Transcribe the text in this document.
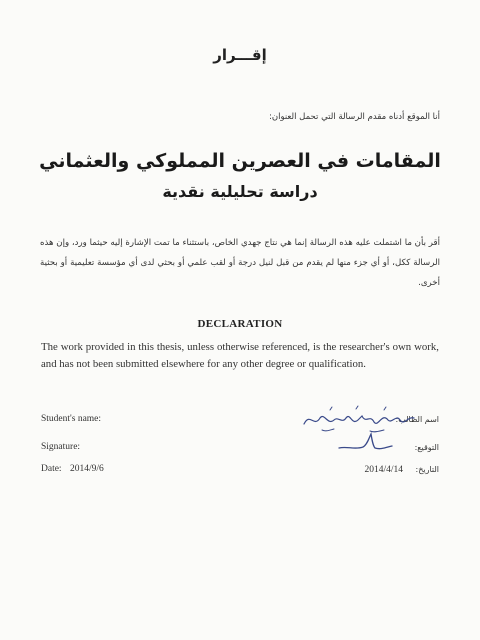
إقـــرار
أنا الموقع أدناه مقدم الرسالة التي تحمل العنوان:
المقامات في العصرين المملوكي والعثماني
دراسة تحليلية نقدية
أقر بأن ما اشتملت عليه هذه الرسالة إنما هي نتاج جهدي الخاص، باستثناء ما تمت الإشارة إليه حيثما ورد، وإن هذه الرسالة ككل، أو أي جزء منها لم يقدم من قبل لنيل درجة أو لقب علمي أو بحثي لدى أي مؤسسة تعليمية أو بحثية أخرى.
DECLARATION
The work provided in this thesis, unless otherwise referenced, is the researcher's own work, and has not been submitted elsewhere for any other degree or qualification.
Student's name:	اسم الطالب:
Signature:	التوقيع:
Date: 2014/9/6	التاريخ: 2014/4/14
